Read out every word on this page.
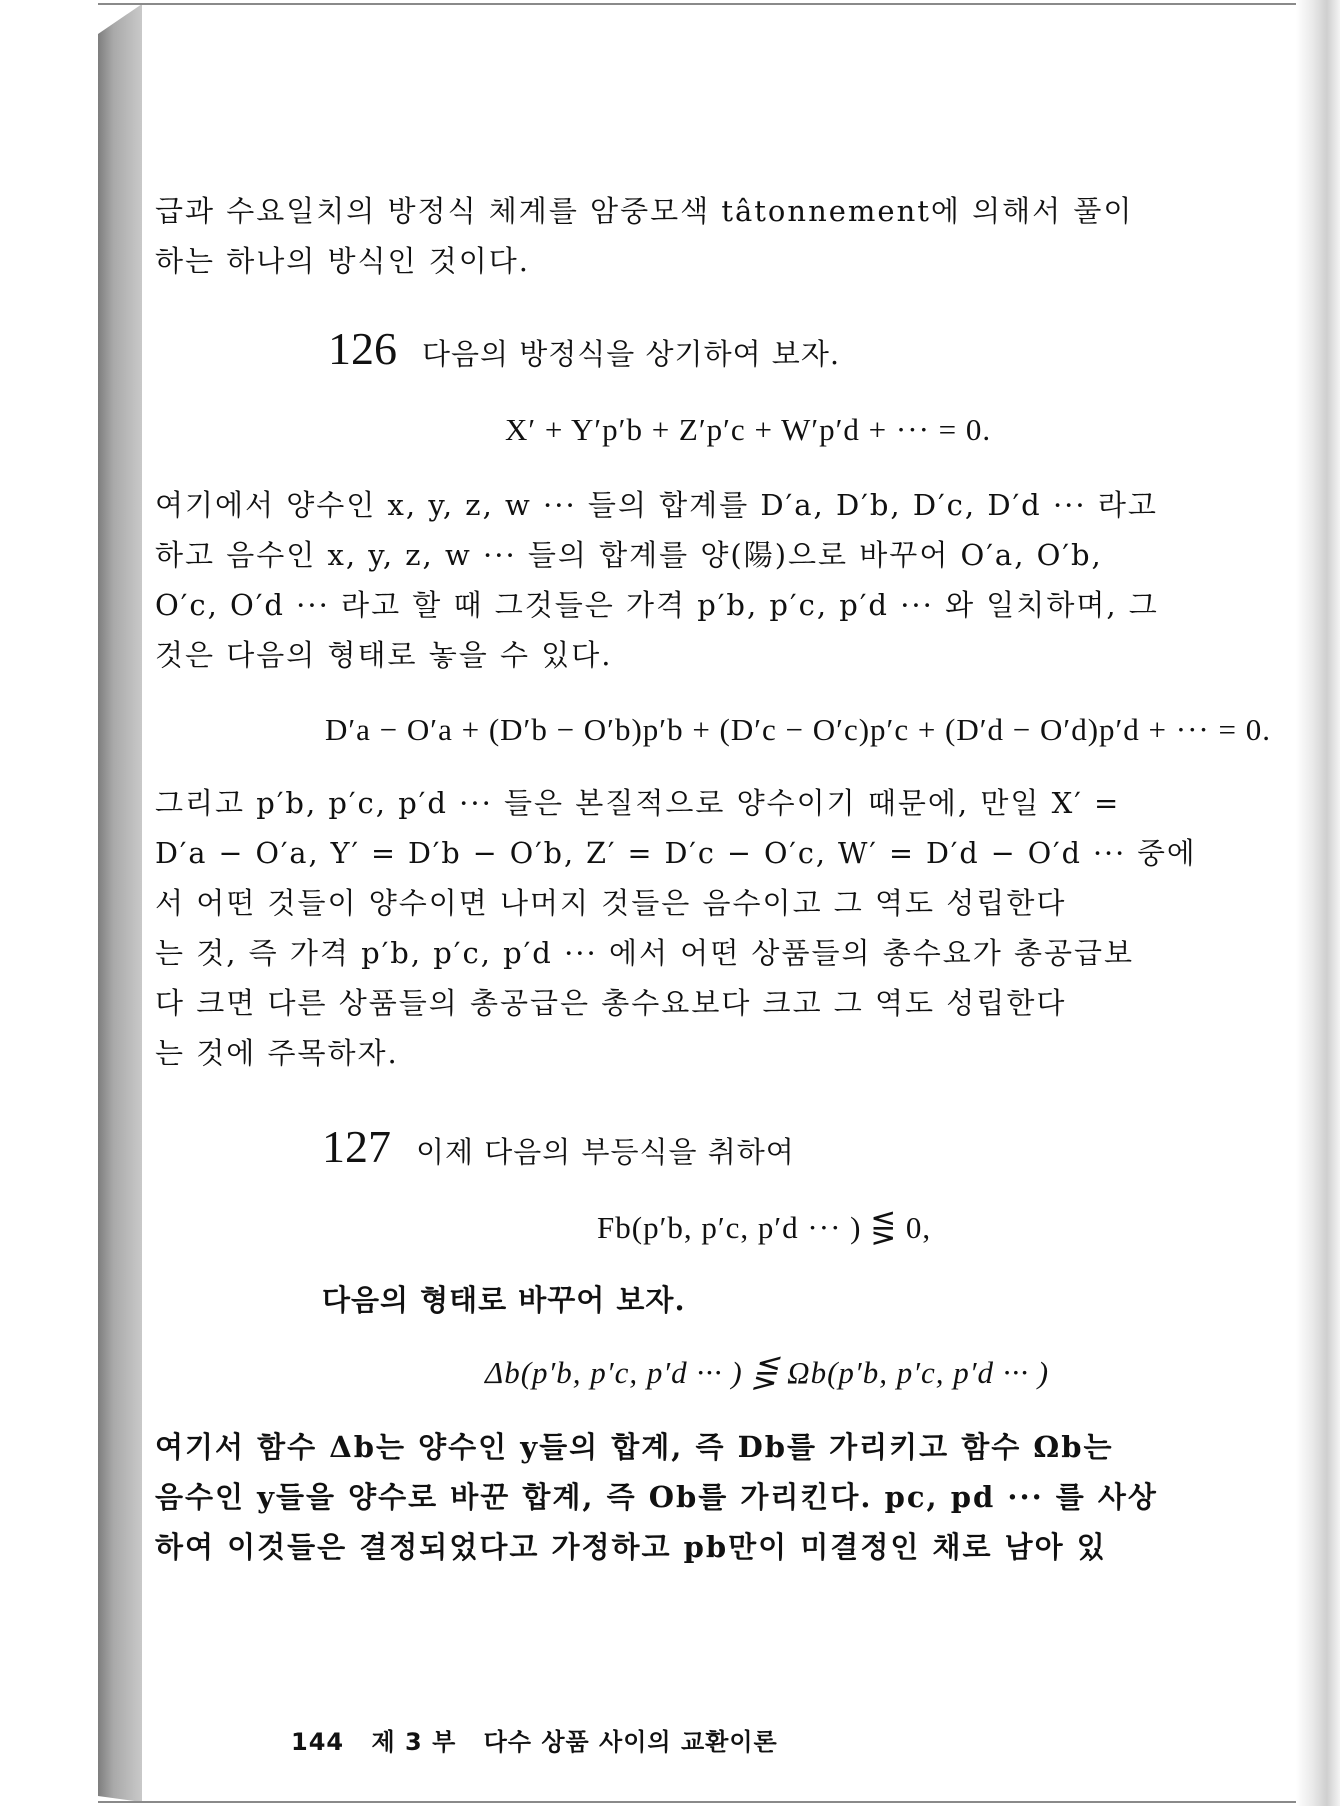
급과 수요일치의 방정식 체계를 암중모색 tâtonnement에 의해서 풀이
하는 하나의 방식인 것이다.
126 다음의 방정식을 상기하여 보자.
X′ + Y′p′b + Z′p′c + W′p′d + ··· = 0.
여기에서 양수인 x, y, z, w ··· 들의 합계를 D′a, D′b, D′c, D′d ··· 라고
하고 음수인 x, y, z, w ··· 들의 합계를 양(陽)으로 바꾸어 O′a, O′b,
O′c, O′d ··· 라고 할 때 그것들은 가격 p′b, p′c, p′d ··· 와 일치하며, 그
것은 다음의 형태로 놓을 수 있다.
D′a − O′a + (D′b − O′b)p′b + (D′c − O′c)p′c + (D′d − O′d)p′d + ··· = 0.
그리고 p′b, p′c, p′d ··· 들은 본질적으로 양수이기 때문에, 만일 X′ =
D′a − O′a, Y′ = D′b − O′b, Z′ = D′c − O′c, W′ = D′d − O′d ··· 중에
서 어떤 것들이 양수이면 나머지 것들은 음수이고 그 역도 성립한다
는 것, 즉 가격 p′b, p′c, p′d ··· 에서 어떤 상품들의 총수요가 총공급보
다 크면 다른 상품들의 총공급은 총수요보다 크고 그 역도 성립한다
는 것에 주목하자.
127 이제 다음의 부등식을 취하여
Fb(p′b, p′c, p′d ··· ) ⋚ 0,
다음의 형태로 바꾸어 보자.
Δb(p′b, p′c, p′d ··· ) ⋚ Ωb(p′b, p′c, p′d ··· )
여기서 함수 Δb는 양수인 y들의 합계, 즉 Db를 가리키고 함수 Ωb는
음수인 y들을 양수로 바꾼 합계, 즉 Ob를 가리킨다. pc, pd ··· 를 사상
하여 이것들은 결정되었다고 가정하고 pb만이 미결정인 채로 남아 있
144 제 3 부 다수 상품 사이의 교환이론
